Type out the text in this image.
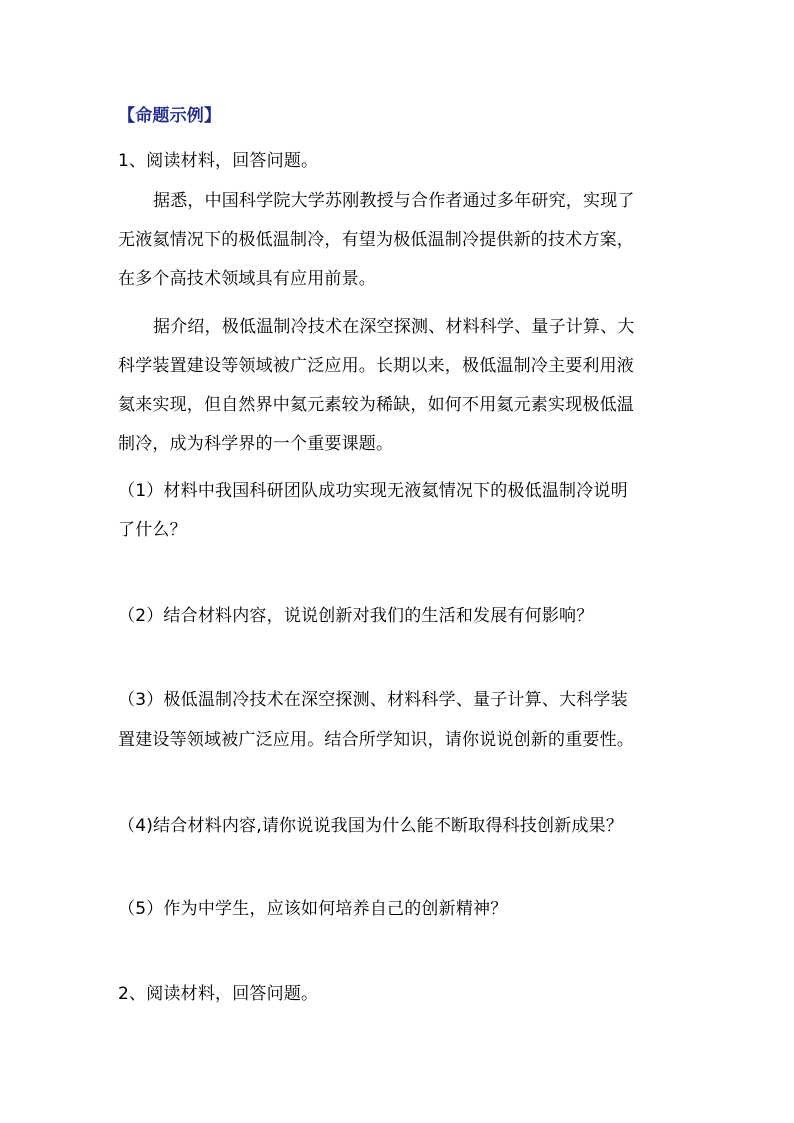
【命题示例】
1、阅读材料，回答问题。
据悉，中国科学院大学苏刚教授与合作者通过多年研究，实现了
无液氦情况下的极低温制冷，有望为极低温制冷提供新的技术方案，
在多个高技术领域具有应用前景。
据介绍，极低温制冷技术在深空探测、材料科学、量子计算、大
科学装置建设等领域被广泛应用。长期以来，极低温制冷主要利用液
氦来实现，但自然界中氦元素较为稀缺，如何不用氦元素实现极低温
制冷，成为科学界的一个重要课题。
（1）材料中我国科研团队成功实现无液氦情况下的极低温制冷说明
了什么？
（2）结合材料内容，说说创新对我们的生活和发展有何影响？
（3）极低温制冷技术在深空探测、材料科学、量子计算、大科学装
置建设等领域被广泛应用。结合所学知识，请你说说创新的重要性。
（4)结合材料内容,请你说说我国为什么能不断取得科技创新成果？
（5）作为中学生，应该如何培养自己的创新精神？
2、阅读材料，回答问题。
